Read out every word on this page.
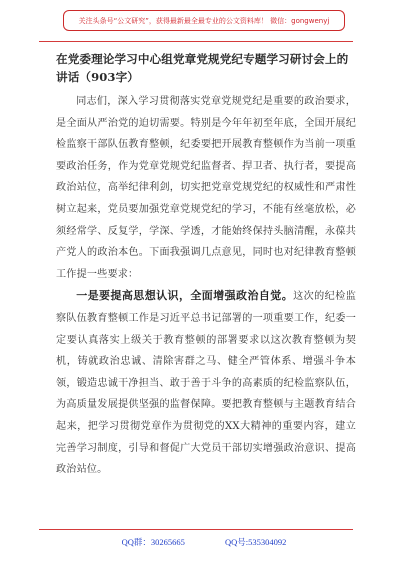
关注头条号“公文研究”，获得最新最全最专业的公文资料库！ 微信：gongwenyj
在党委理论学习中心组党章党规党纪专题学习研讨会上的讲话（903字）

同志们，深入学习贯彻落实党章党规党纪是重要的政治要求，是全面从严治党的迫切需要。特别是今年年初至年底，全国开展纪检监察干部队伍教育整顿，纪委要把开展教育整顿作为当前一项重要政治任务，作为党章党规党纪监督者、捍卫者、执行者，要提高政治站位，高举纪律利剑，切实把党章党规党纪的权威性和严肃性树立起来，党员要加强党章党规党纪的学习，不能有丝毫放松，必须经常学、反复学，学深、学透，才能始终保持头脑清醒，永葆共产党人的政治本色。下面我强调几点意见，同时也对纪律教育整顿工作提一些要求：

一是要提高思想认识，全面增强政治自觉。这次的纪检监察队伍教育整顿工作是习近平总书记部署的一项重要工作，纪委一定要认真落实上级关于教育整顿的部署要求以这次教育整顿为契机，铸就政治忠诚、清除害群之马、健全严管体系、增强斗争本领，锻造忠诚干净担当、敢于善于斗争的高素质的纪检监察队伍，为高质量发展提供坚强的监督保障。要把教育整顿与主题教育结合起来，把学习贯彻党章作为贯彻党的XX大精神的重要内容，建立完善学习制度，引导和督促广大党员干部切实增强政治意识、提高政治站位。

QQ群：30265665	QQ号:535304092
